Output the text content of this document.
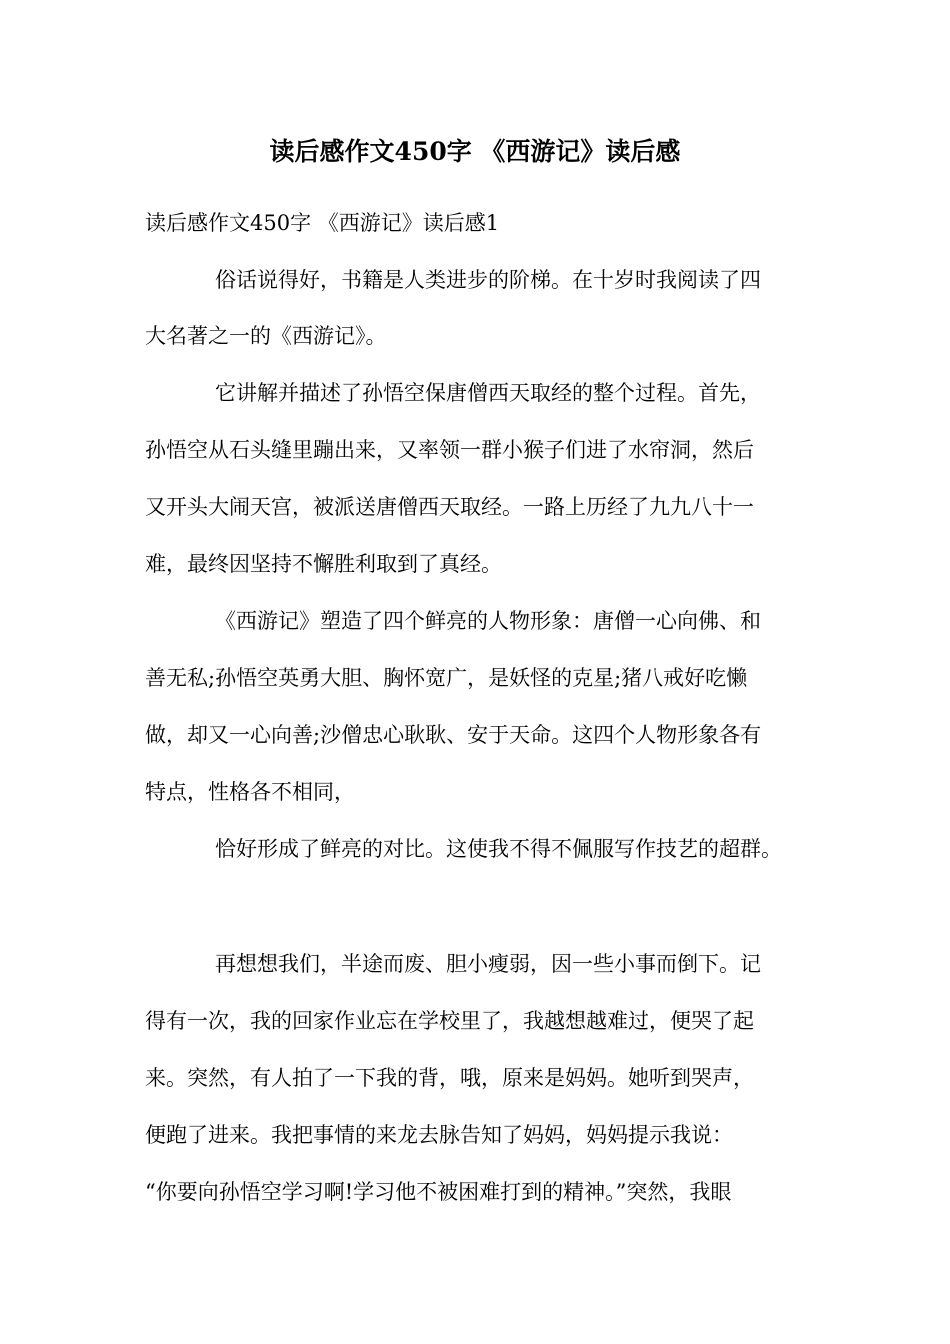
读后感作文450字 《西游记》读后感
读后感作文450字 《西游记》读后感1
俗话说得好，书籍是人类进步的阶梯。在十岁时我阅读了四
大名著之一的《西游记》。
它讲解并描述了孙悟空保唐僧西天取经的整个过程。首先，
孙悟空从石头缝里蹦出来，又率领一群小猴子们进了水帘洞，然后
又开头大闹天宫，被派送唐僧西天取经。一路上历经了九九八十一
难，最终因坚持不懈胜利取到了真经。
《西游记》塑造了四个鲜亮的人物形象：唐僧一心向佛、和
善无私;孙悟空英勇大胆、胸怀宽广，是妖怪的克星;猪八戒好吃懒
做，却又一心向善;沙僧忠心耿耿、安于天命。这四个人物形象各有
特点，性格各不相同，
恰好形成了鲜亮的对比。这使我不得不佩服写作技艺的超群。
再想想我们，半途而废、胆小瘦弱，因一些小事而倒下。记
得有一次，我的回家作业忘在学校里了，我越想越难过，便哭了起
来。突然，有人拍了一下我的背，哦，原来是妈妈。她听到哭声，
便跑了进来。我把事情的来龙去脉告知了妈妈，妈妈提示我说：
“你要向孙悟空学习啊!学习他不被困难打到的精神。”突然，我眼
